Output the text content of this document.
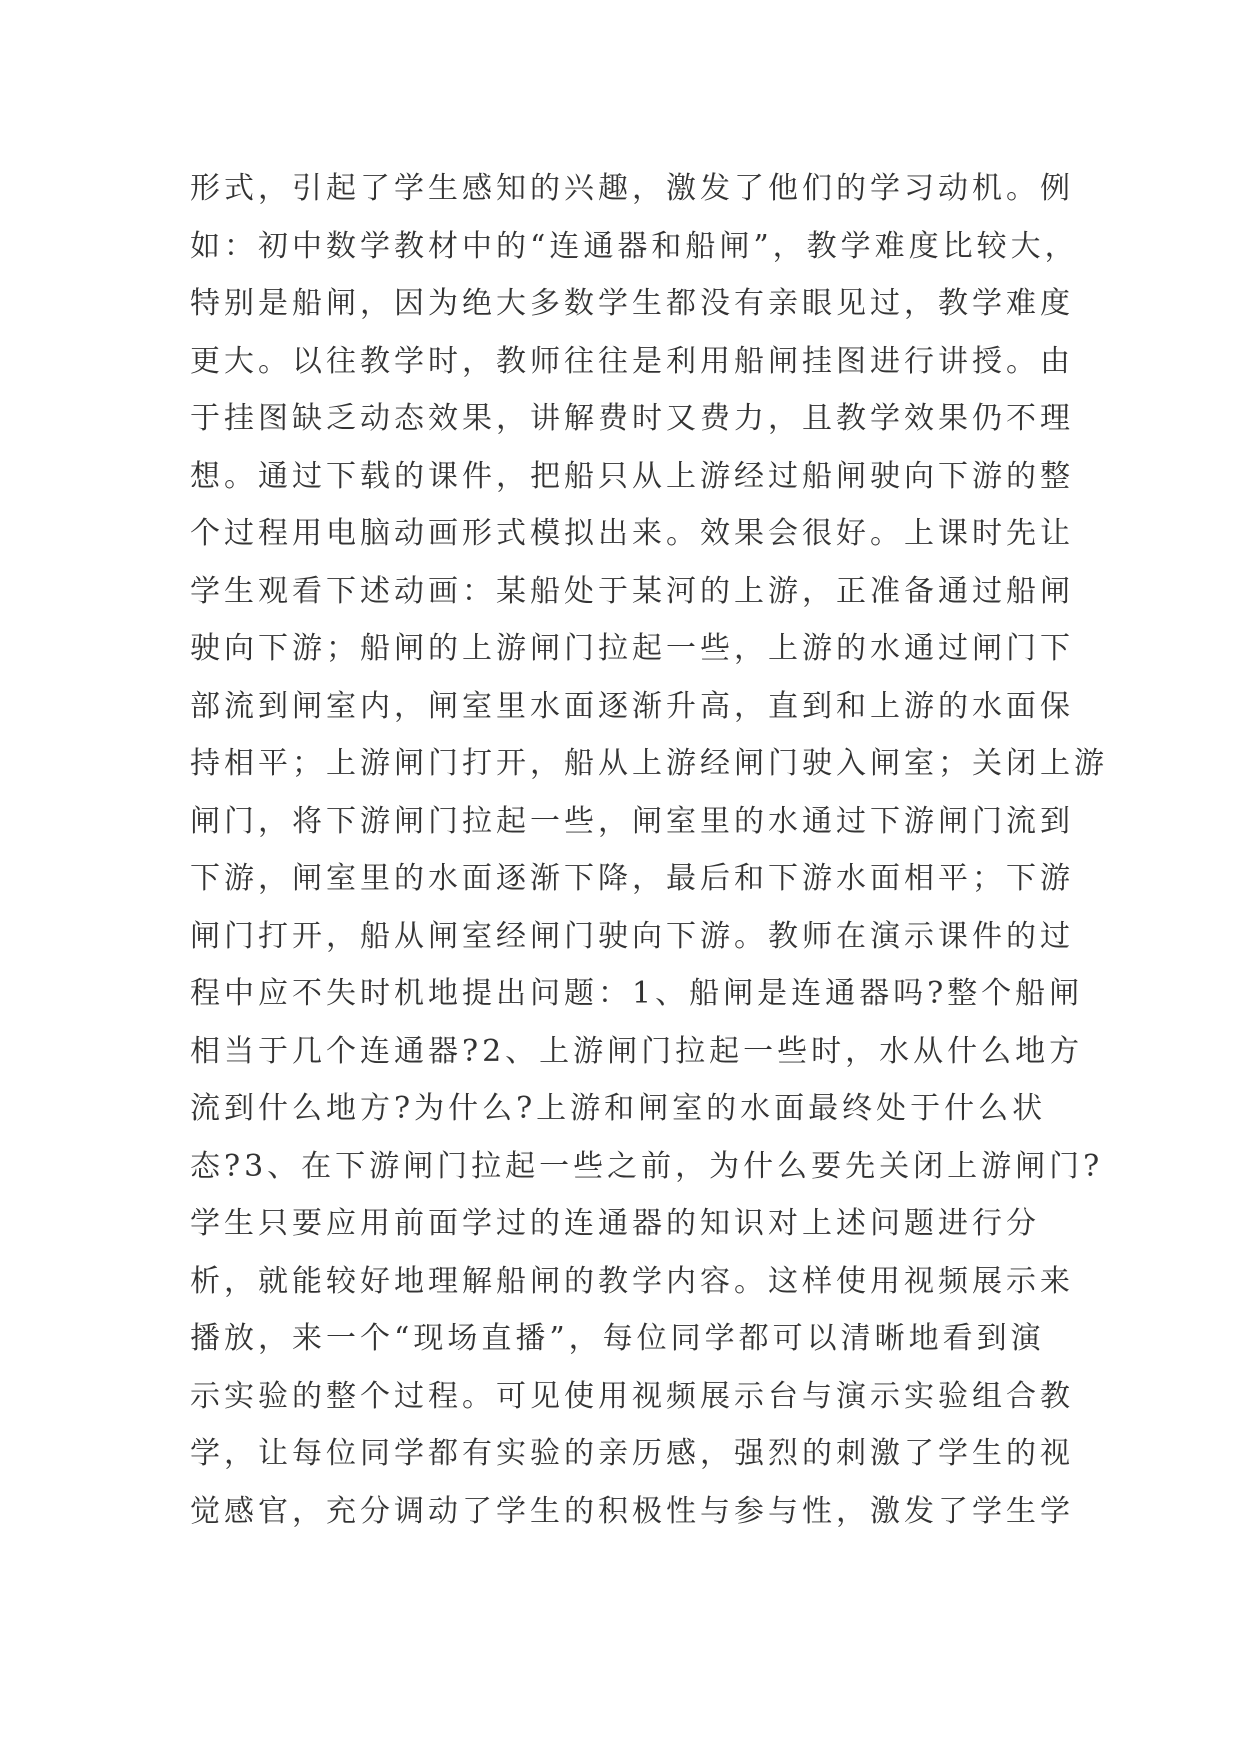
形式，引起了学生感知的兴趣，激发了他们的学习动机。例

如：初中数学教材中的“连通器和船闸”，教学难度比较大，

特别是船闸，因为绝大多数学生都没有亲眼见过，教学难度

更大。以往教学时，教师往往是利用船闸挂图进行讲授。由

于挂图缺乏动态效果，讲解费时又费力，且教学效果仍不理

想。通过下载的课件，把船只从上游经过船闸驶向下游的整

个过程用电脑动画形式模拟出来。效果会很好。上课时先让

学生观看下述动画：某船处于某河的上游，正准备通过船闸

驶向下游；船闸的上游闸门拉起一些，上游的水通过闸门下

部流到闸室内，闸室里水面逐渐升高，直到和上游的水面保

持相平；上游闸门打开，船从上游经闸门驶入闸室；关闭上游

闸门，将下游闸门拉起一些，闸室里的水通过下游闸门流到

下游，闸室里的水面逐渐下降，最后和下游水面相平；下游

闸门打开，船从闸室经闸门驶向下游。教师在演示课件的过

程中应不失时机地提出问题：1、船闸是连通器吗?整个船闸

相当于几个连通器?2、上游闸门拉起一些时，水从什么地方

流到什么地方?为什么?上游和闸室的水面最终处于什么状

态?3、在下游闸门拉起一些之前，为什么要先关闭上游闸门?

学生只要应用前面学过的连通器的知识对上述问题进行分

析，就能较好地理解船闸的教学内容。这样使用视频展示来

播放，来一个“现场直播”，每位同学都可以清晰地看到演

示实验的整个过程。可见使用视频展示台与演示实验组合教

学，让每位同学都有实验的亲历感，强烈的刺激了学生的视

觉感官，充分调动了学生的积极性与参与性，激发了学生学
